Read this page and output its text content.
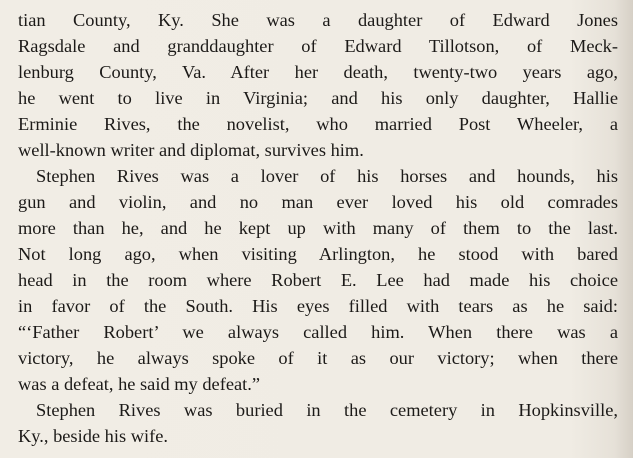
tian County, Ky. She was a daughter of Edward Jones
Ragsdale and granddaughter of Edward Tillotson, of Meck-
lenburg County, Va. After her death, twenty-two years ago,
he went to live in Virginia; and his only daughter, Hallie
Erminie Rives, the novelist, who married Post Wheeler, a
well-known writer and diplomat, survives him.
Stephen Rives was a lover of his horses and hounds, his
gun and violin, and no man ever loved his old comrades
more than he, and he kept up with many of them to the last.
Not long ago, when visiting Arlington, he stood with bared
head in the room where Robert E. Lee had made his choice
in favor of the South. His eyes filled with tears as he said:
“‘Father Robert’ we always called him. When there was a
victory, he always spoke of it as our victory; when there
was a defeat, he said my defeat.”
Stephen Rives was buried in the cemetery in Hopkinsville,
Ky., beside his wife.
